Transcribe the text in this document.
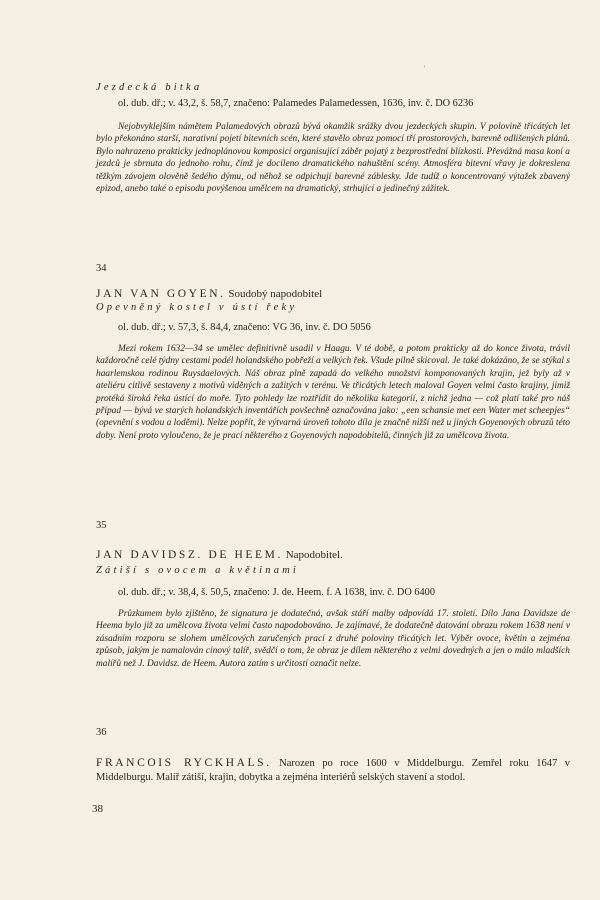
'
Jezdecká bitka
ol. dub. dř.; v. 43,2, š. 58,7, značeno: Palamedes Palamedessen, 1636, inv. č. DO 6236

Nejobvyklejším námětem Palamedových obrazů bývá okamžik srážky dvou jezdeckých skupin. V polovině třicátých let bylo překonáno starší, narativní pojetí bitevních scén, které stavělo obraz pomocí tří prostorových, barevně odlišených plánů. Bylo nahrazeno prakticky jednoplánovou komposicí organisující záběr pojatý z bezprostřední blízkosti. Převážná masa koní a jezdců je sbrnuta do jednoho rohu, čímž je docíleno dramatického nahuštění scény. Atmosféra bitevní vřavy je dokreslena těžkým závojem olověně šedého dýmu, od něhož se odpichují barevné záblesky. Jde tudíž o koncentrovaný výtažek zbavený epizod, anebo také o episodu povýšenou umělcem na dramatický, strhující a jedinečný zážitek.

34
JAN VAN GOYEN. Soudobý napodobitel
Opevněný kostel v ústí řeky
ol. dub. dř.; v. 57,3, š. 84,4, značeno: VG 36, inv. č. DO 5056

Mezi rokem 1632—34 se umělec definitivně usadil v Haagu. V té době, a potom prakticky až do konce života, trávil každoročně celé týdny cestami podél holandského pobřeží a velkých řek. Všude pilně skicoval. Je také dokázáno, že se stýkal s haarlemskou rodinou Ruysdaelových. Náš obraz plně zapadá do velkého množství komponovaných krajin, jež byly až v ateliéru citlivě sestaveny z motivů viděných a zažitých v terénu. Ve třicátých letech maloval Goyen velmi často krajiny, jimiž protéká široká řeka ústící do moře. Tyto pohledy lze roztřídit do několika kategorií, z nichž jedna — což platí také pro náš případ — bývá ve starých holandských inventářích povšechně označována jako: „een schansie met een Water met scheepjes“ (opevnění s vodou a loděmi). Nelze popřít, že výtvarná úroveň tohoto díla je značně nižší než u jiných Goyenových obrazů této doby. Není proto vyloučeno, že je prací některého z Goyenových napodobitelů, činných již za umělcova života.

35
JAN DAVIDSZ. DE HEEM. Napodobitel.
Zátiší s ovocem a květinami
ol. dub. dř.; v. 38,4, š. 50,5, značeno: J. de. Heem. f. A 1638, inv. č. DO 6400

Průzkumem bylo zjištěno, že signatura je dodatečná, avšak stáří malby odpovídá 17. století. Dílo Jana Davidsze de Heema bylo již za umělcova života velmi často napodobováno. Je zajímavé, že dodatečně datování obrazu rokem 1638 není v zásadním rozporu se slohem umělcových zaručených prací z druhé poloviny třicátých let. Výběr ovoce, květin a zejména způsob, jakým je namalován cínový talíř, svědčí o tom, že obraz je dílem některého z velmi dovedných a jen o málo mladších malířů než J. Davidsz. de Heem. Autora zatím s určitostí označit nelze.

36

FRANCOIS RYCKHALS. Narozen po roce 1600 v Middelburgu. Zemřel roku 1647 v Middelburgu. Malíř zátiší, krajin, dobytka a zejména interiérů selských stavení a stodol.

38
